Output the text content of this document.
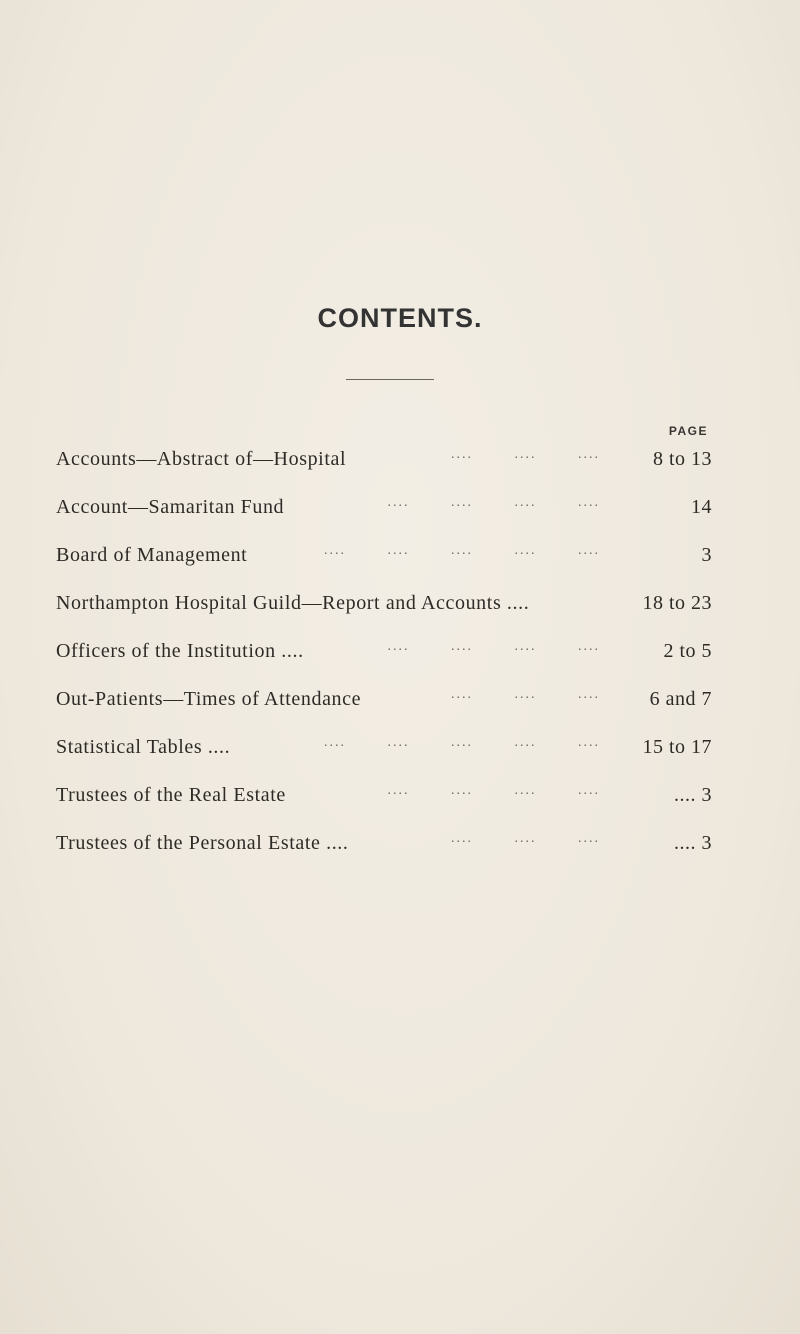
CONTENTS.
PAGE
Accounts—Abstract of—Hospital	.... .... ....	8 to 13
Account—Samaritan Fund	.... .... .... ....	14
Board of Management	.... .... .... .... ....	3
Northampton Hospital Guild—Report and Accounts ....	18 to 23
Officers of the Institution ....	.... .... .... ....	2 to 5
Out-Patients—Times of Attendance	.... .... .... 6 and 7
Statistical Tables ....	.... .... .... .... .... 15 to 17
Trustees of the Real Estate	.... .... .... ....	.... 3
Trustees of the Personal Estate ....	.... .... ....	.... 3
